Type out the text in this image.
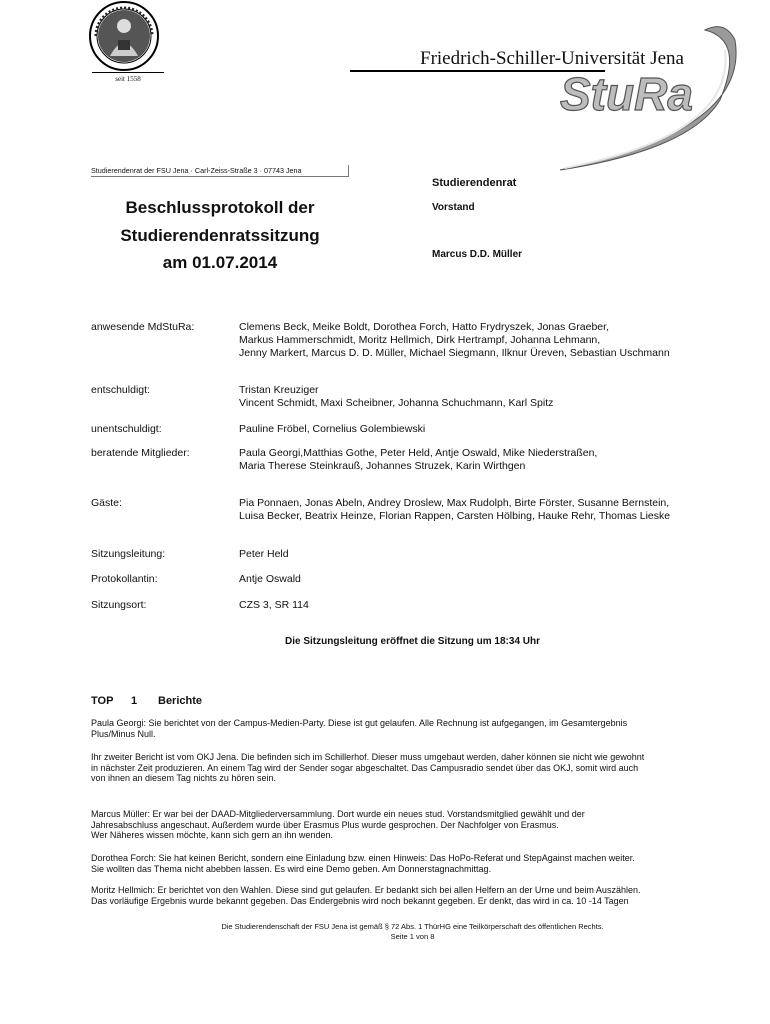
seit 1558	StuRa
Friedrich-Schiller-Universität Jena
Studierendenrat der FSU Jena · Carl-Zeiss-Straße 3 · 07743 Jena
Studierendenrat
Vorstand
Marcus D.D. Müller
Beschlussprotokoll der
Studierendenratssitzung
am 01.07.2014
anwesende MdStuRa:	Clemens Beck, Meike Boldt, Dorothea Forch, Hatto Frydryszek, Jonas Graeber,
Markus Hammerschmidt, Moritz Hellmich, Dirk Hertrampf, Johanna Lehmann,
Jenny Markert, Marcus D. D. Müller, Michael Siegmann, Ilknur Üreven, Sebastian Uschmann
entschuldigt:	Tristan Kreuziger
Vincent Schmidt, Maxi Scheibner, Johanna Schuchmann, Karl Spitz
unentschuldigt:	Pauline Fröbel, Cornelius Golembiewski
beratende Mitglieder:	Paula Georgi,Matthias Gothe, Peter Held, Antje Oswald, Mike Niederstraßen,
Maria Therese Steinkrauß, Johannes Struzek, Karin Wirthgen
Gäste:	Pia Ponnaen, Jonas Abeln, Andrey Droslew, Max Rudolph, Birte Förster, Susanne Bernstein,
Luisa Becker, Beatrix Heinze, Florian Rappen, Carsten Hölbing, Hauke Rehr, Thomas Lieske
Sitzungsleitung:	Peter Held
Protokollantin:	Antje Oswald
Sitzungsort:	CZS 3, SR 114
Die Sitzungsleitung eröffnet die Sitzung um 18:34 Uhr
TOP 1 Berichte
Paula Georgi: Sie berichtet von der Campus-Medien-Party. Diese ist gut gelaufen. Alle Rechnung ist aufgegangen, im Gesamtergebnis
Plus/Minus Null.
Ihr zweiter Bericht ist vom OKJ Jena. Die befinden sich im Schillerhof. Dieser muss umgebaut werden, daher können sie nicht wie gewohnt
in nächster Zeit produzieren. An einem Tag wird der Sender sogar abgeschaltet. Das Campusradio sendet über das OKJ, somit wird auch
von ihnen an diesem Tag nichts zu hören sein.
Marcus Müller: Er war bei der DAAD-Mitgliederversammlung. Dort wurde ein neues stud. Vorstandsmitglied gewählt und der
Jahresabschluss angeschaut. Außerdem wurde über Erasmus Plus wurde gesprochen. Der Nachfolger von Erasmus.
Wer Näheres wissen möchte, kann sich gern an ihn wenden.
Dorothea Forch: Sie hat keinen Bericht, sondern eine Einladung bzw. einen Hinweis: Das HoPo-Referat und StepAgainst machen weiter.
Sie wollten das Thema nicht abebben lassen. Es wird eine Demo geben. Am Donnerstagnachmittag.
Moritz Hellmich: Er berichtet von den Wahlen. Diese sind gut gelaufen. Er bedankt sich bei allen Helfern an der Urne und beim Auszählen.
Das vorläufige Ergebnis wurde bekannt gegeben. Das Endergebnis wird noch bekannt gegeben. Er denkt, das wird in ca. 10 -14 Tagen
Die Studierendenschaft der FSU Jena ist gemäß § 72 Abs. 1 ThürHG eine Teilkörperschaft des öffentlichen Rechts.
Seite 1 von 8
